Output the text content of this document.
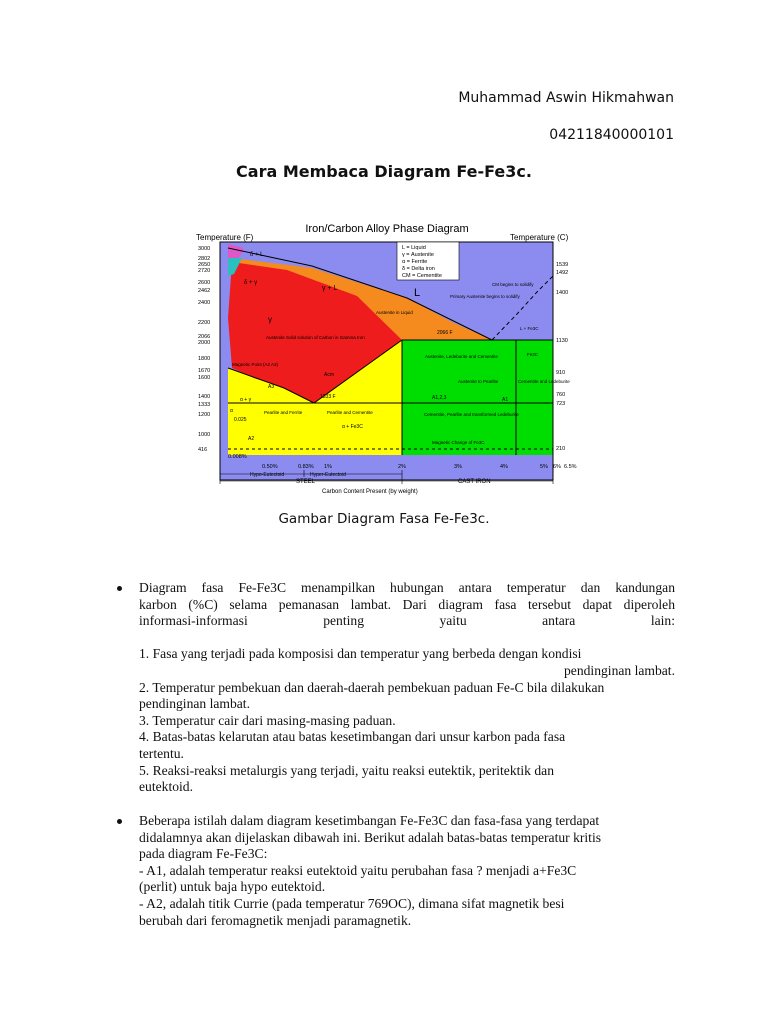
Muhammad Aswin Hikmahwan
04211840000101
Cara Membaca Diagram Fe-Fe3c.
Iron/Carbon Alloy Phase Diagram
Temperature (F)	Temperature (C)
3000
2802
2650
2720
2600
2462
2400
2200
2066
2000
1800
1670
1600
1400
1333
1200
1000
416
1539
1492
1400
1130
910
760
723
210
L = Liquid
γ = Austenite
α = Ferrite
δ = Delta iron
CM = Cementite
δ + L
δ + γ
γ + L	L
γ
Austenite Solid solution of Carbon in Gamma Iron
Austenite in Liquid
Primary Austenite begins to solidify
CM begins to solidify
L + Fe3C
Fe3C
Austenite, Ledeburite and Cementite
Austenite to Pearlite	Cementite and Ledeburite
Pearlite and Ferrite	Pearlite and Cementite	Cementite, Pearlite and transformed Ledeburite
α + Fe3C
Magnetic Change of Fe3C
Magnetic Point (A2 A3)
2066 F
1333 F
Acm
A1,2,3	A1
A2
A3
α + γ
α
0.025
0.008%
0.50%	0.83% 1%	2%	3%	4%	5% 6% 6.5%
Hypo-Eutectoid	Hyper-Eutectoid
STEEL	CAST IRON
Carbon Content Present (by weight)
Gambar Diagram Fasa Fe-Fe3c.
Diagram fasa Fe-Fe3C menampilkan hubungan antara temperatur dan kandungan
karbon (%C) selama pemanasan lambat. Dari diagram fasa tersebut dapat diperoleh
informasi-informasi penting yaitu antara lain:
1. Fasa yang terjadi pada komposisi dan temperatur yang berbeda dengan kondisi
pendinginan lambat.
2. Temperatur pembekuan dan daerah-daerah pembekuan paduan Fe-C bila dilakukan
pendinginan lambat.
3. Temperatur cair dari masing-masing paduan.
4. Batas-batas kelarutan atau batas kesetimbangan dari unsur karbon pada fasa
tertentu.
5. Reaksi-reaksi metalurgis yang terjadi, yaitu reaksi eutektik, peritektik dan
eutektoid.
Beberapa istilah dalam diagram kesetimbangan Fe-Fe3C dan fasa-fasa yang terdapat
didalamnya akan dijelaskan dibawah ini. Berikut adalah batas-batas temperatur kritis
pada diagram Fe-Fe3C:
- A1, adalah temperatur reaksi eutektoid yaitu perubahan fasa ? menjadi a+Fe3C
(perlit) untuk baja hypo eutektoid.
- A2, adalah titik Currie (pada temperatur 769OC), dimana sifat magnetik besi
berubah dari feromagnetik menjadi paramagnetik.
